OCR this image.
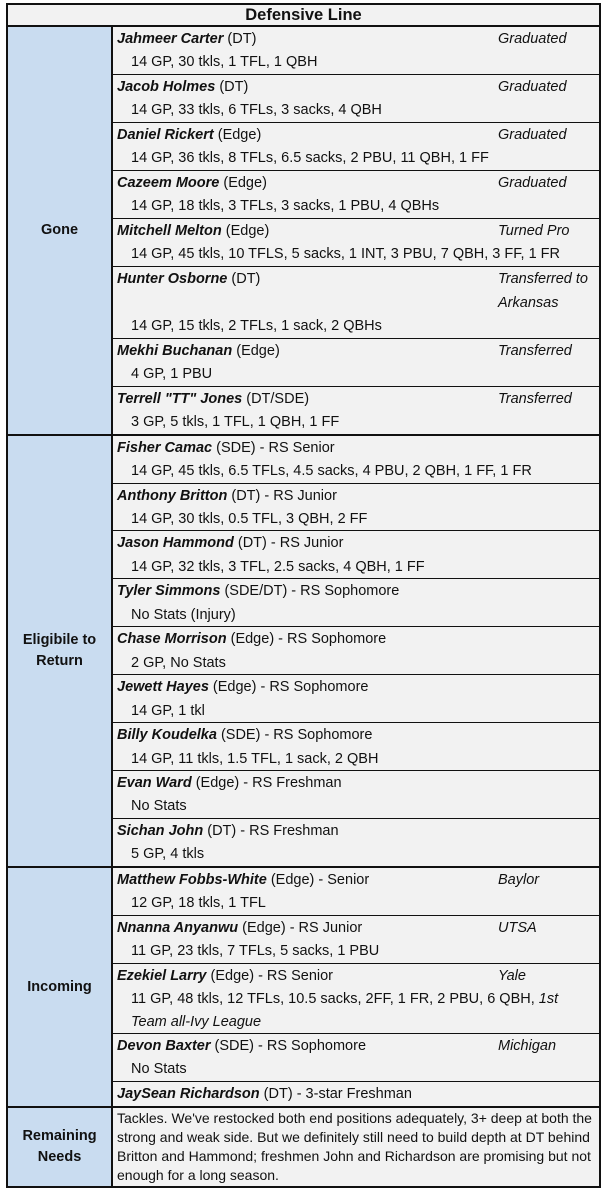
Defensive Line
Gone
Jahmeer Carter (DT)	Graduated
14 GP, 30 tkls, 1 TFL, 1 QBH
Jacob Holmes (DT)	Graduated
14 GP, 33 tkls, 6 TFLs, 3 sacks, 4 QBH
Daniel Rickert (Edge)	Graduated
14 GP, 36 tkls, 8 TFLs, 6.5 sacks, 2 PBU, 11 QBH, 1 FF
Cazeem Moore (Edge)	Graduated
14 GP, 18 tkls, 3 TFLs, 3 sacks, 1 PBU, 4 QBHs
Mitchell Melton (Edge)	Turned Pro
14 GP, 45 tkls, 10 TFLS, 5 sacks, 1 INT, 3 PBU, 7 QBH, 3 FF, 1 FR
Hunter Osborne (DT)	Transferred to Arkansas
14 GP, 15 tkls, 2 TFLs, 1 sack, 2 QBHs
Mekhi Buchanan (Edge)	Transferred
4 GP, 1 PBU
Terrell "TT" Jones (DT/SDE)	Transferred
3 GP, 5 tkls, 1 TFL, 1 QBH, 1 FF
Eligibile to Return
Fisher Camac (SDE) - RS Senior
14 GP, 45 tkls, 6.5 TFLs, 4.5 sacks, 4 PBU, 2 QBH, 1 FF, 1 FR
Anthony Britton (DT) - RS Junior
14 GP, 30 tkls, 0.5 TFL, 3 QBH, 2 FF
Jason Hammond (DT) - RS Junior
14 GP, 32 tkls, 3 TFL, 2.5 sacks, 4 QBH, 1 FF
Tyler Simmons (SDE/DT) - RS Sophomore
No Stats (Injury)
Chase Morrison (Edge) - RS Sophomore
2 GP, No Stats
Jewett Hayes (Edge) - RS Sophomore
14 GP, 1 tkl
Billy Koudelka (SDE) - RS Sophomore
14 GP, 11 tkls, 1.5 TFL, 1 sack, 2 QBH
Evan Ward (Edge) - RS Freshman
No Stats
Sichan John (DT) - RS Freshman
5 GP, 4 tkls
Incoming
Matthew Fobbs-White (Edge) - Senior	Baylor
12 GP, 18 tkls, 1 TFL
Nnanna Anyanwu (Edge) - RS Junior	UTSA
11 GP, 23 tkls, 7 TFLs, 5 sacks, 1 PBU
Ezekiel Larry (Edge) - RS Senior	Yale
11 GP, 48 tkls, 12 TFLs, 10.5 sacks, 2FF, 1 FR, 2 PBU, 6 QBH, 1st Team all-Ivy League
Devon Baxter (SDE) - RS Sophomore	Michigan
No Stats
JaySean Richardson (DT) - 3-star Freshman
Remaining Needs
Tackles. We've restocked both end positions adequately, 3+ deep at both the strong and weak side. But we definitely still need to build depth at DT behind Britton and Hammond; freshmen John and Richardson are promising but not enough for a long season.
